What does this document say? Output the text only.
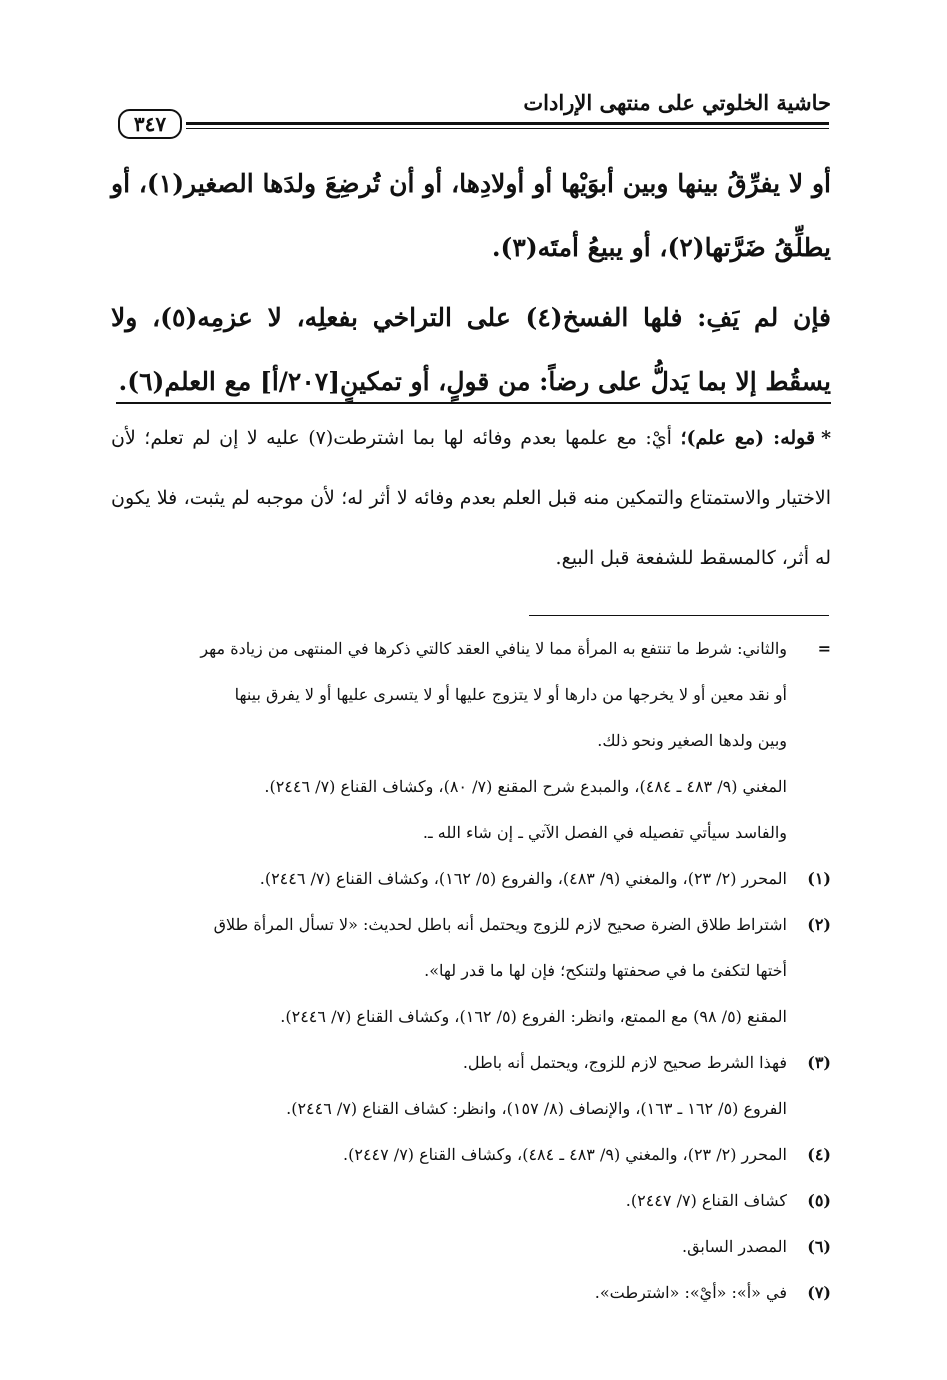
حاشية الخلوتي على منتهى الإرادات
٣٤٧

أو لا يفرِّقُ بينها وبين أبوَيْها أو أولادِها، أو أن تُرضِعَ ولدَها الصغير(١)، أو يطلِّقُ ضَرَّتها(٢)، أو يبيعُ أمتَه(٣).

فإن لم يَفِ: فلها الفسخ(٤) على التراخي بفعلِه، لا عزمِه(٥)، ولا يسقُط إلا بما يَدلُّ على رضاً: من قولٍ، أو تمكينٍ[٢٠٧/أ] مع العلم(٦).

*قوله: (مع علم)؛ أيْ: مع علمها بعدم وفائه لها بما اشترطت(٧) عليه لا إن لم تعلم؛ لأن الاختيار والاستمتاع والتمكين منه قبل العلم بعدم وفائه لا أثر له؛ لأن موجبه لم يثبت، فلا يكون له أثر، كالمسقط للشفعة قبل البيع.

=
والثاني: شرط ما تنتفع به المرأة مما لا ينافي العقد كالتي ذكرها في المنتهى من زيادة مهر
أو نقد معين أو لا يخرجها من دارها أو لا يتزوج عليها أو لا يتسرى عليها أو لا يفرق بينها
وبين ولدها الصغير ونحو ذلك.
المغني (٩/ ٤٨٣ ـ ٤٨٤)، والمبدع شرح المقنع (٧/ ٨٠)، وكشاف القناع (٧/ ٢٤٤٦).
والفاسد سيأتي تفصيله في الفصل الآتي ـ إن شاء الله ـ.
(١)
المحرر (٢/ ٢٣)، والمغني (٩/ ٤٨٣)، والفروع (٥/ ١٦٢)، وكشاف القناع (٧/ ٢٤٤٦).
(٢)
اشتراط طلاق الضرة صحيح لازم للزوج ويحتمل أنه باطل لحديث: «لا تسأل المرأة طلاق
أختها لتكفئ ما في صحفتها ولتنكح؛ فإن لها ما قدر لها».
المقنع (٥/ ٩٨) مع الممتع، وانظر: الفروع (٥/ ١٦٢)، وكشاف القناع (٧/ ٢٤٤٦).
(٣)
فهذا الشرط صحيح لازم للزوج، ويحتمل أنه باطل.
الفروع (٥/ ١٦٢ ـ ١٦٣)، والإنصاف (٨/ ١٥٧)، وانظر: كشاف القناع (٧/ ٢٤٤٦).
(٤)
المحرر (٢/ ٢٣)، والمغني (٩/ ٤٨٣ ـ ٤٨٤)، وكشاف القناع (٧/ ٢٤٤٧).
(٥)
كشاف القناع (٧/ ٢٤٤٧).
(٦)
المصدر السابق.
(٧)
في «أ»: «أيْ»: «اشترطت».
